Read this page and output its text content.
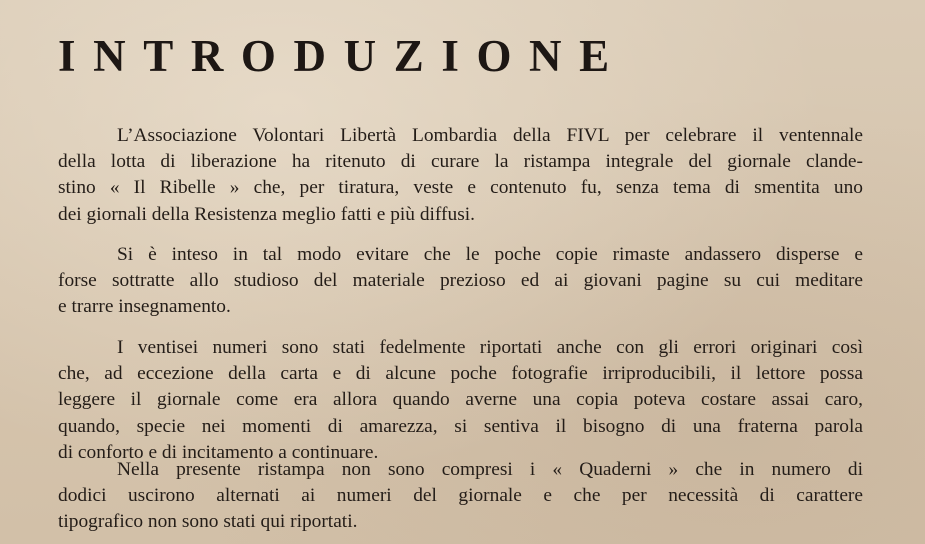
INTRODUZIONE

L’Associazione Volontari Libertà Lombardia della FIVL per celebrare il ventennale
della lotta di liberazione ha ritenuto di curare la ristampa integrale del giornale clande-
stino « Il Ribelle » che, per tiratura, veste e contenuto fu, senza tema di smentita uno
dei giornali della Resistenza meglio fatti e più diffusi.

Si è inteso in tal modo evitare che le poche copie rimaste andassero disperse e
forse sottratte allo studioso del materiale prezioso ed ai giovani pagine su cui meditare
e trarre insegnamento.

I ventisei numeri sono stati fedelmente riportati anche con gli errori originari così
che, ad eccezione della carta e di alcune poche fotografie irriproducibili, il lettore possa
leggere il giornale come era allora quando averne una copia poteva costare assai caro,
quando, specie nei momenti di amarezza, si sentiva il bisogno di una fraterna parola
di conforto e di incitamento a continuare.

Nella presente ristampa non sono compresi i « Quaderni » che in numero di
dodici uscirono alternati ai numeri del giornale e che per necessità di carattere
tipografico non sono stati qui riportati.
